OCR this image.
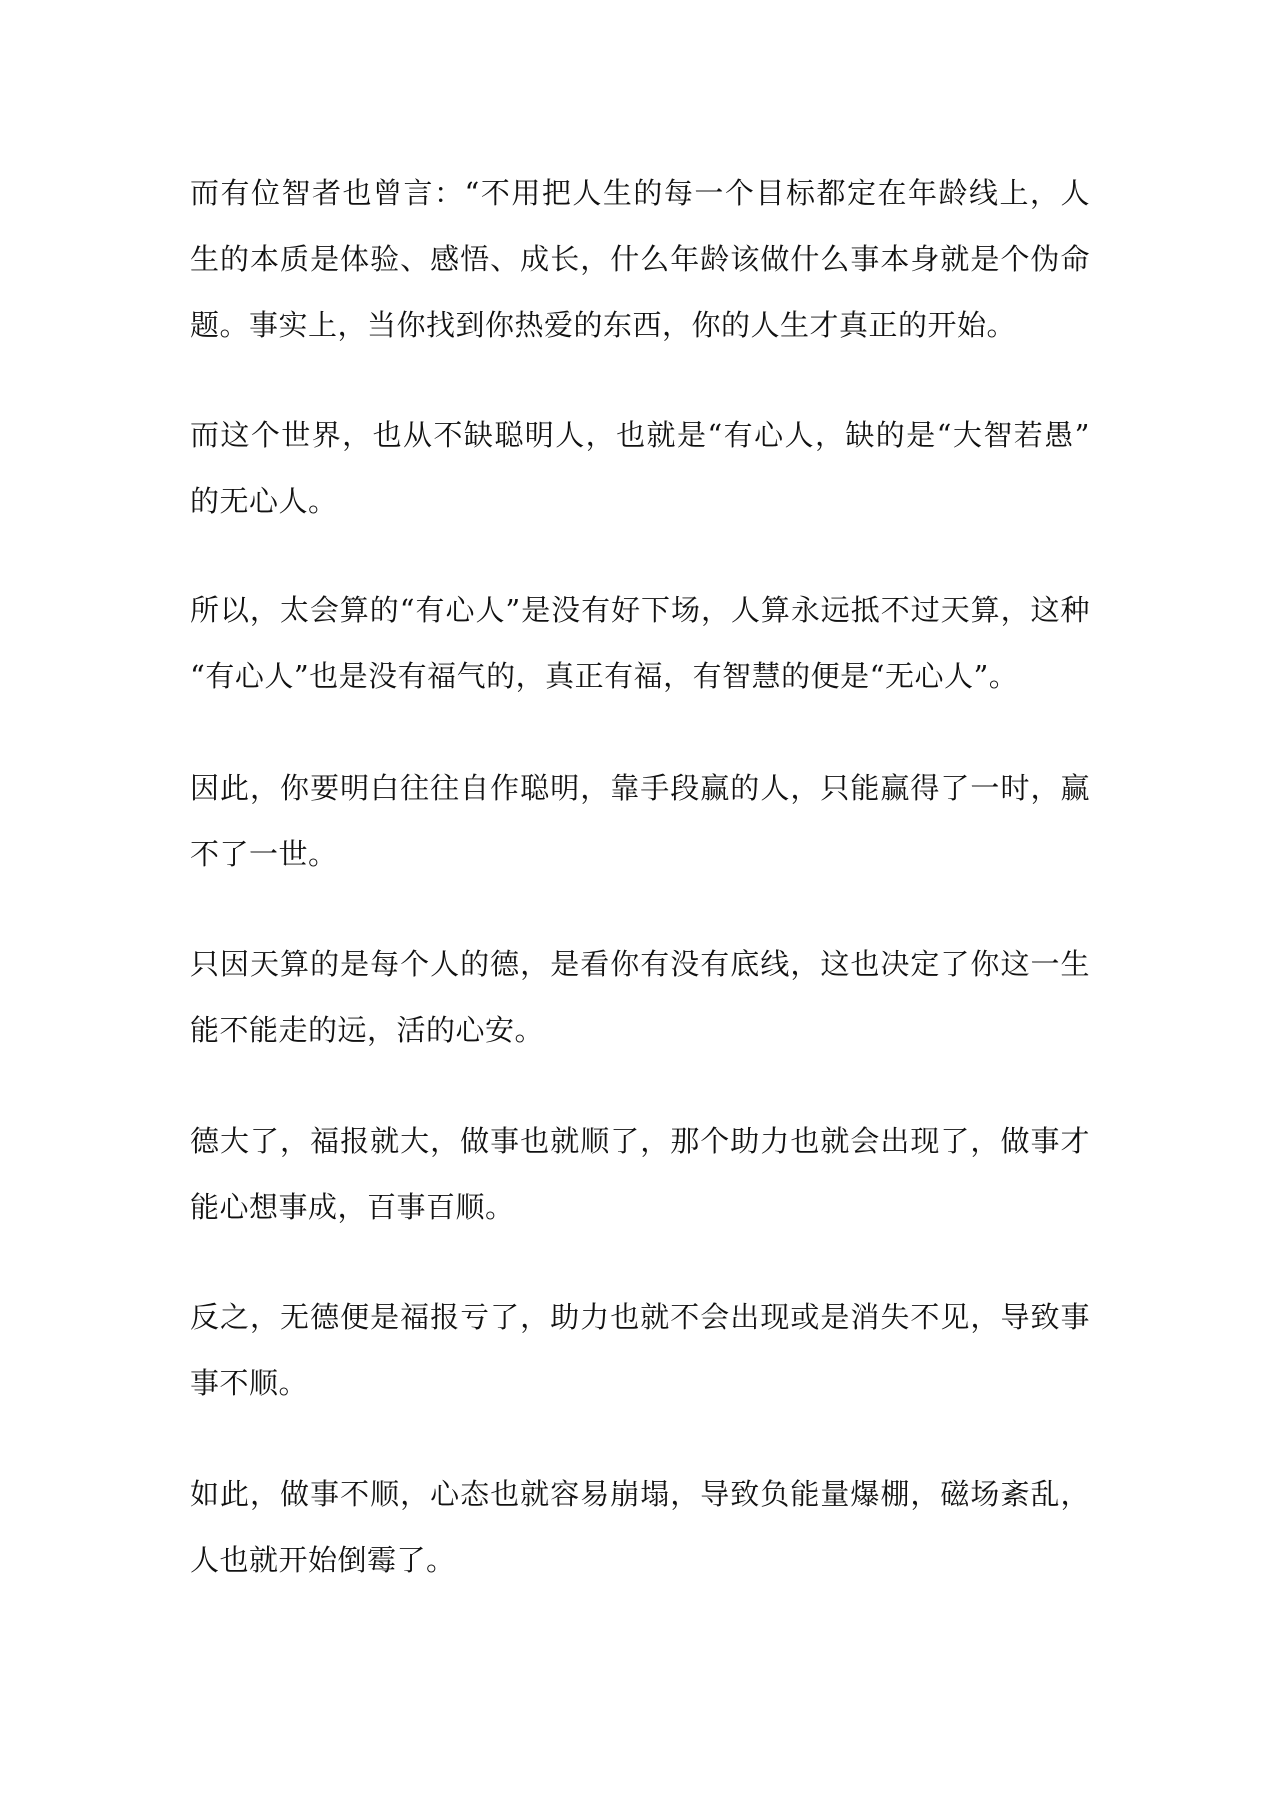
而有位智者也曾言：“不用把人生的每一个目标都定在年龄线上，人
生的本质是体验、感悟、成长，什么年龄该做什么事本身就是个伪命
题。事实上，当你找到你热爱的东西，你的人生才真正的开始。

而这个世界，也从不缺聪明人，也就是“有心人，缺的是“大智若愚”
的无心人。

所以，太会算的“有心人”是没有好下场，人算永远抵不过天算，这种
“有心人”也是没有福气的，真正有福，有智慧的便是“无心人”。

因此，你要明白往往自作聪明，靠手段赢的人，只能赢得了一时，赢
不了一世。

只因天算的是每个人的德，是看你有没有底线，这也决定了你这一生
能不能走的远，活的心安。

德大了，福报就大，做事也就顺了，那个助力也就会出现了，做事才
能心想事成，百事百顺。

反之，无德便是福报亏了，助力也就不会出现或是消失不见，导致事
事不顺。

如此，做事不顺，心态也就容易崩塌，导致负能量爆棚，磁场紊乱，
人也就开始倒霉了。
